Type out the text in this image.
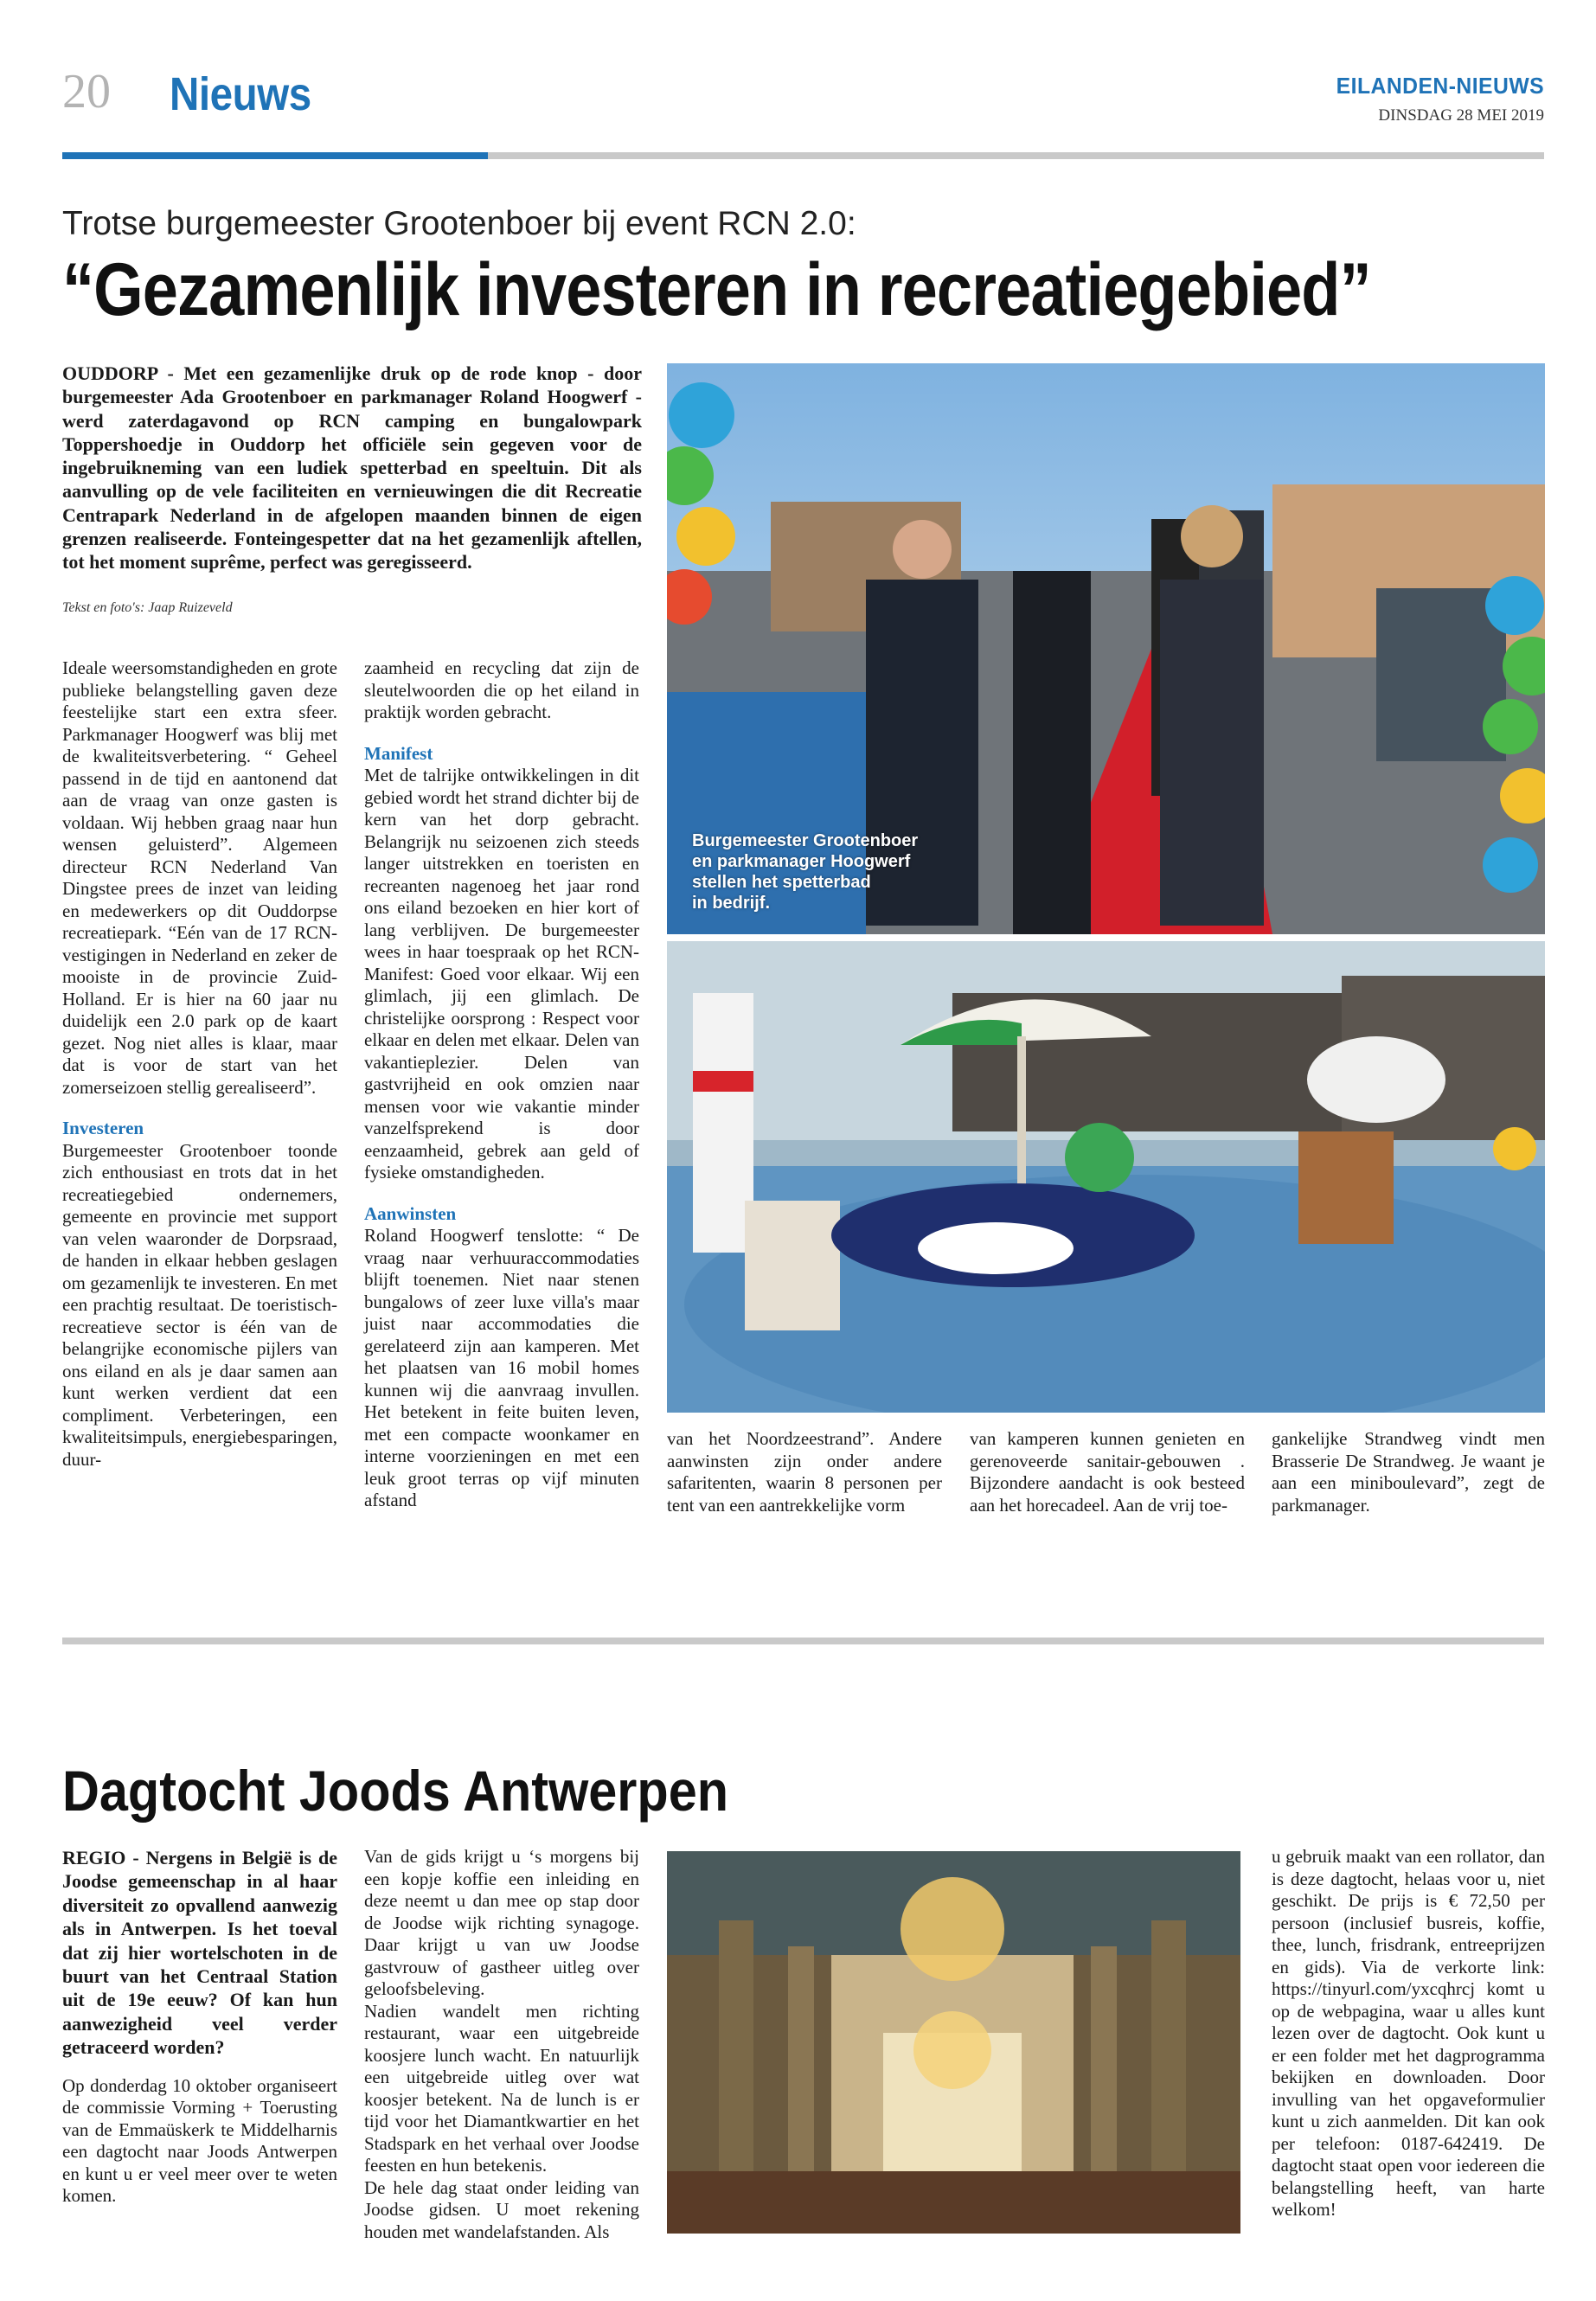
20 Nieuws	EILANDEN-NIEUWS
DINSDAG 28 MEI 2019
Trotse burgemeester Grootenboer bij event RCN 2.0:
“Gezamenlijk investeren in recreatiegebied”
OUDDORP - Met een gezamenlijke druk op de rode knop - door burgemeester Ada Grootenboer en parkmanager Roland Hoogwerf - werd zaterdagavond op RCN camping en bungalowpark Toppershoedje in Ouddorp het officiële sein gegeven voor de ingebruikneming van een ludiek spetterbad en speeltuin. Dit als aanvulling op de vele faciliteiten en vernieuwingen die dit Recreatie Centrapark Nederland in de afgelopen maanden binnen de eigen grenzen realiseerde. Fonteingespetter dat na het gezamenlijk aftellen, tot het moment suprême, perfect was geregisseerd.
Tekst en foto's: Jaap Ruizeveld

Ideale weersomstandigheden en grote publieke belangstelling gaven deze feestelijke start een extra sfeer. Parkmanager Hoogwerf was blij met de kwaliteitsverbetering. “ Geheel passend in de tijd en aantonend dat aan de vraag van onze gasten is voldaan. Wij hebben graag naar hun wensen geluisterd”. Algemeen directeur RCN Nederland Van Dingstee prees de inzet van leiding en medewerkers op dit Ouddorpse recreatiepark. “Eén van de 17 RCN-vestigingen in Nederland en zeker de mooiste in de provincie Zuid-Holland. Er is hier na 60 jaar nu duidelijk een 2.0 park op de kaart gezet. Nog niet alles is klaar, maar dat is voor de start van het zomerseizoen stellig gerealiseerd”.

Investeren

Burgemeester Grootenboer toonde zich enthousiast en trots dat in het recreatiegebied ondernemers, gemeente en provincie met support van velen waaronder de Dorpsraad, de handen in elkaar hebben geslagen om gezamenlijk te investeren. En met een prachtig resultaat. De toeristisch-recreatieve sector is één van de belangrijke economische pijlers van ons eiland en als je daar samen aan kunt werken verdient dat een compliment. Verbeteringen, een kwaliteitsimpuls, energiebesparingen, duur-

zaamheid en recycling dat zijn de sleutelwoorden die op het eiland in praktijk worden gebracht.

Manifest

Met de talrijke ontwikkelingen in dit gebied wordt het strand dichter bij de kern van het dorp gebracht. Belangrijk nu seizoenen zich steeds langer uitstrekken en toeristen en recreanten nagenoeg het jaar rond ons eiland bezoeken en hier kort of lang verblijven. De burgemeester wees in haar toespraak op het RCN-Manifest: Goed voor elkaar. Wij een glimlach, jij een glimlach. De christelijke oorsprong : Respect voor elkaar en delen met elkaar. Delen van vakantieplezier. Delen van gastvrijheid en ook omzien naar mensen voor wie vakantie minder vanzelfsprekend is door eenzaamheid, gebrek aan geld of fysieke omstandigheden.

Aanwinsten

Roland Hoogwerf tenslotte: “ De vraag naar verhuuraccommodaties blijft toenemen. Niet naar stenen bungalows of zeer luxe villa's maar juist naar accommodaties die gerelateerd zijn aan kamperen. Met het plaatsen van 16 mobil homes kunnen wij die aanvraag invullen. Het betekent in feite buiten leven, met een compacte woonkamer en interne voorzieningen en met een leuk groot terras op vijf minuten afstand

van het Noordzeestrand”. Andere aanwinsten zijn onder andere safaritenten, waarin 8 personen per tent van een aantrekkelijke vorm
van kamperen kunnen genieten en gerenoveerde sanitair-gebouwen . Bijzondere aandacht is ook besteed aan het horecadeel. Aan de vrij toe-
gankelijke Strandweg vindt men Brasserie De Strandweg. Je waant je aan een miniboulevard”, zegt de parkmanager.
Burgemeester Grootenboer
en parkmanager Hoogwerf
stellen het spetterbad
in bedrijf.
Dagtocht Joods Antwerpen

REGIO - Nergens in België is de Joodse gemeenschap in al haar diversiteit zo opvallend aanwezig als in Antwerpen. Is het toeval dat zij hier wortelschoten in de buurt van het Centraal Station uit de 19e eeuw? Of kan hun aanwezigheid veel verder getraceerd worden?

Op donderdag 10 oktober organiseert de commissie Vorming + Toerusting van de Emmaüskerk te Middelharnis een dagtocht naar Joods Antwerpen en kunt u er veel meer over te weten komen.

Van de gids krijgt u ‘s morgens bij een kopje koffie een inleiding en deze neemt u dan mee op stap door de Joodse wijk richting synagoge. Daar krijgt u van uw Joodse gastvrouw of gastheer uitleg over geloofsbeleving.

Nadien wandelt men richting restaurant, waar een uitgebreide koosjere lunch wacht. En natuurlijk een uitgebreide uitleg over wat koosjer betekent. Na de lunch is er tijd voor het Diamantkwartier en het Stadspark en het verhaal over Joodse feesten en hun betekenis.

De hele dag staat onder leiding van Joodse gidsen. U moet rekening houden met wandelafstanden. Als

u gebruik maakt van een rollator, dan is deze dagtocht, helaas voor u, niet geschikt. De prijs is € 72,50 per persoon (inclusief busreis, koffie, thee, lunch, frisdrank, entreeprijzen en gids). Via de verkorte link: https://tinyurl.com/yxcqhrcj komt u op de webpagina, waar u alles kunt lezen over de dagtocht. Ook kunt u er een folder met het dagprogramma bekijken en downloaden. Door invulling van het opgaveformulier kunt u zich aanmelden. Dit kan ook per telefoon: 0187-642419. De dagtocht staat open voor iedereen die belangstelling heeft, van harte welkom!
